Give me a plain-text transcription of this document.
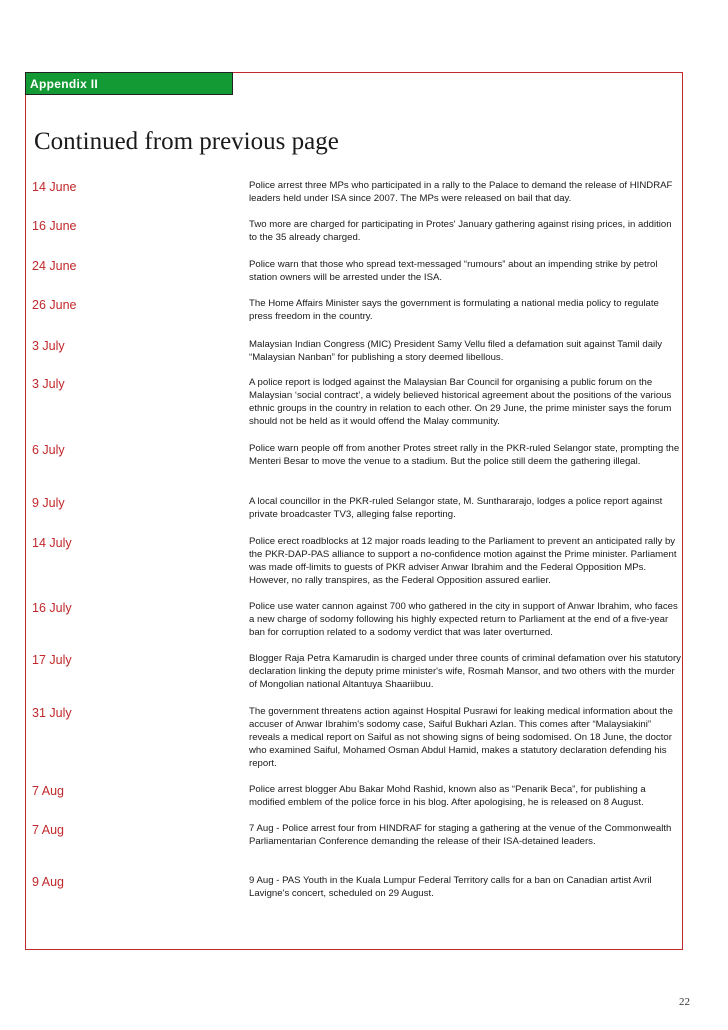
Appendix II
Continued from previous page
14 June	Police arrest three MPs who participated in a rally to the Palace to demand the release of HINDRAF leaders held under ISA since 2007. The MPs were released on bail that day.
16 June	Two more are charged for participating in Protes' January gathering against rising prices, in addition to the 35 already charged.
24 June	Police warn that those who spread text-messaged “rumours” about an impending strike by petrol station owners will be arrested under the ISA.
26 June	The Home Affairs Minister says the government is formulating a national media policy to regulate press freedom in the country.
3 July	Malaysian Indian Congress (MIC) President Samy Vellu filed a defamation suit against Tamil daily “Malaysian Nanban” for publishing a story deemed libellous.
3 July	A police report is lodged against the Malaysian Bar Council for organising a public forum on the Malaysian ‘social contract’, a widely believed historical agreement about the positions of the various ethnic groups in the country in relation to each other. On 29 June, the prime minister says the forum should not be held as it would offend the Malay community.
6 July	Police warn people off from another Protes street rally in the PKR-ruled Selangor state, prompting the Menteri Besar to move the venue to a stadium. But the police still deem the gathering illegal.
9 July	A local councillor in the PKR-ruled Selangor state, M. Sunthararajo, lodges a police report against private broadcaster TV3, alleging false reporting.
14 July	Police erect roadblocks at 12 major roads leading to the Parliament to prevent an anticipated rally by the PKR-DAP-PAS alliance to support a no-confidence motion against the Prime minister. Parliament was made off-limits to guests of PKR adviser Anwar Ibrahim and the Federal Opposition MPs. However, no rally transpires, as the Federal Opposition assured earlier.
16 July	Police use water cannon against 700 who gathered in the city in support of Anwar Ibrahim, who faces a new charge of sodomy following his highly expected return to Parliament at the end of a five-year ban for corruption related to a sodomy verdict that was later overturned.
17 July	Blogger Raja Petra Kamarudin is charged under three counts of criminal defamation over his statutory declaration linking the deputy prime minister's wife, Rosmah Mansor, and two others with the murder of Mongolian national Altantuya Shaariibuu.
31 July	The government threatens action against Hospital Pusrawi for leaking medical information about the accuser of Anwar Ibrahim's sodomy case, Saiful Bukhari Azlan. This comes after “Malaysiakini” reveals a medical report on Saiful as not showing signs of being sodomised. On 18 June, the doctor who examined Saiful, Mohamed Osman Abdul Hamid, makes a statutory declaration defending his report.
7 Aug	Police arrest blogger Abu Bakar Mohd Rashid, known also as “Penarik Beca”, for publishing a modified emblem of the police force in his blog. After apologising, he is released on 8 August.
7 Aug	7 Aug - Police arrest four from HINDRAF for staging a gathering at the venue of the Commonwealth Parliamentarian Conference demanding the release of their ISA-detained leaders.
9 Aug	9 Aug - PAS Youth in the Kuala Lumpur Federal Territory calls for a ban on Canadian artist Avril Lavigne's concert, scheduled on 29 August.
22
